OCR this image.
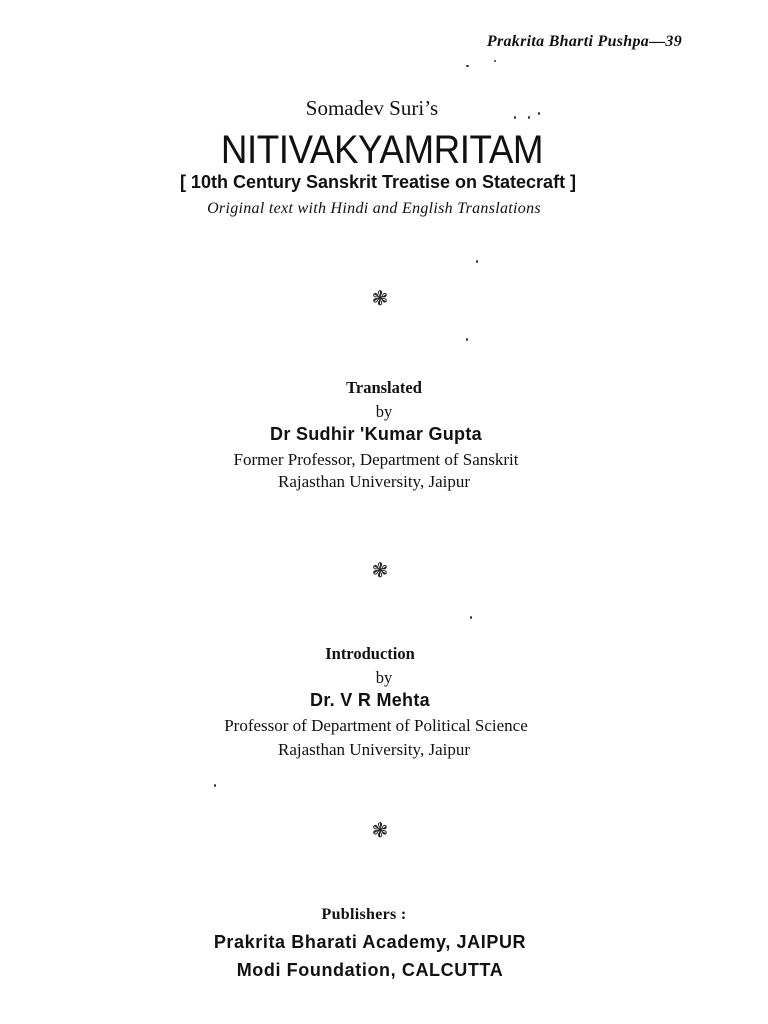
Prakrita Bharti Pushpa—39
Somadev Suri’s
NITIVAKYAMRITAM
[ 10th Century Sanskrit Treatise on Statecraft ]
Original text with Hindi and English Translations
❃
Translated
by
Dr Sudhir 'Kumar Gupta
Former Professor, Department of Sanskrit
Rajasthan University, Jaipur
❃
Introduction
by
Dr. V R Mehta
Professor of Department of Political Science
Rajasthan University, Jaipur
❃
Publishers :
Prakrita Bharati Academy, JAIPUR
Modi Foundation, CALCUTTA
